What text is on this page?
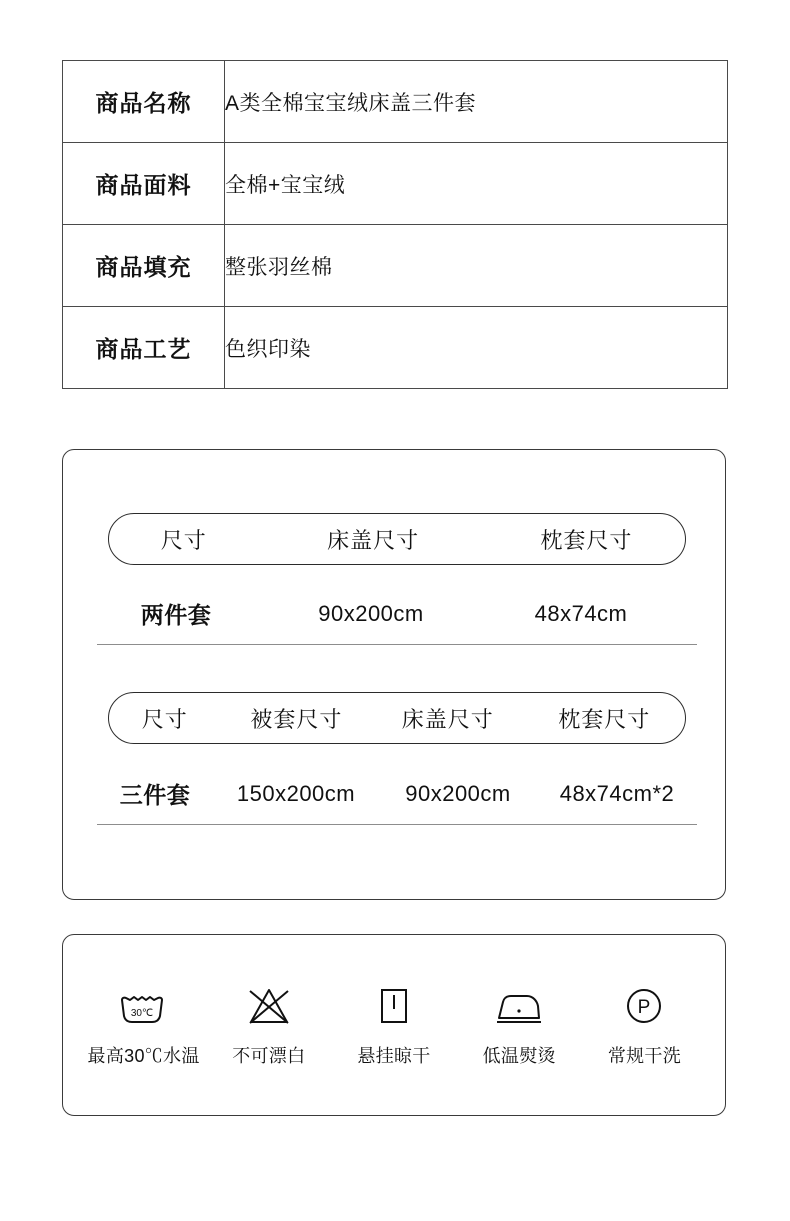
商品名称	A类全棉宝宝绒床盖三件套
商品面料	全棉+宝宝绒
商品填充	整张羽丝棉
商品工艺	色织印染
尺寸	床盖尺寸	枕套尺寸
两件套	90x200cm	48x74cm
尺寸	被套尺寸	床盖尺寸	枕套尺寸
三件套	150x200cm	90x200cm	48x74cm*2
30℃
最高30℃水温 不可漂白	悬挂晾干	低温熨烫
P
常规干洗
